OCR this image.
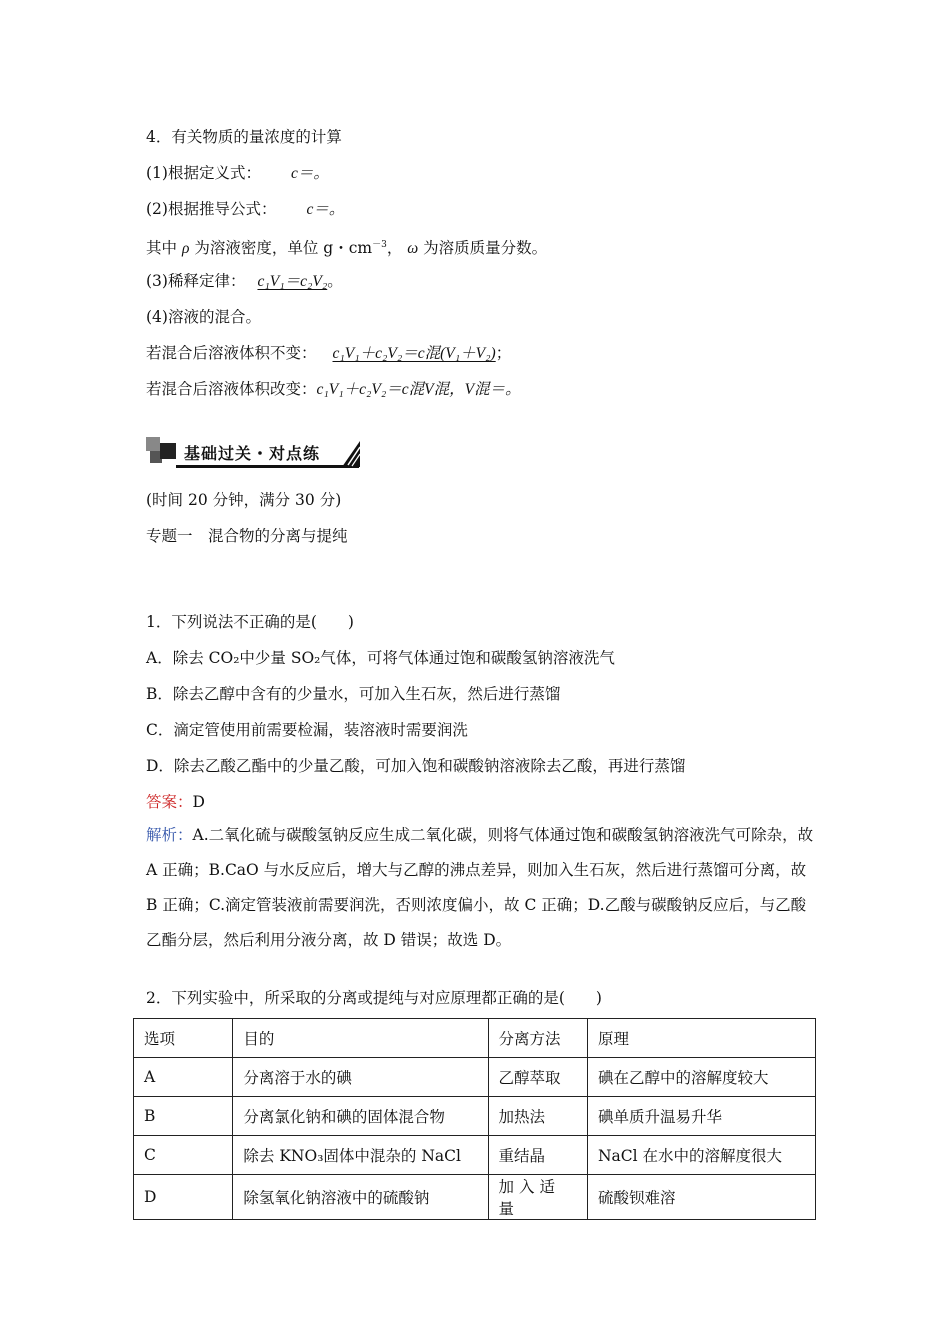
4．有关物质的量浓度的计算
(1)根据定义式： c＝。
(2)根据推导公式： c＝。
其中 ρ 为溶液密度，单位 g・$cm^{-3}$， ω 为溶质质量分数。
(3)稀释定律： c₁V₁＝c₂V₂。
(4)溶液的混合。
若混合后溶液体积不变： c₁V₁＋c₂V₂＝c混(V₁＋V₂)；
若混合后溶液体积改变：c₁V₁＋c₂V₂＝c混V混，V混＝。
基础过关・对点练
(时间 20 分钟，满分 30 分)
专题一　混合物的分离与提纯
1．下列说法不正确的是(　　)
A．除去 CO₂中少量 SO₂气体，可将气体通过饱和碳酸氢钠溶液洗气
B．除去乙醇中含有的少量水，可加入生石灰，然后进行蒸馏
C．滴定管使用前需要检漏，装溶液时需要润洗
D．除去乙酸乙酯中的少量乙酸，可加入饱和碳酸钠溶液除去乙酸，再进行蒸馏
答案：D
解析：A.二氧化硫与碳酸氢钠反应生成二氧化碳，则将气体通过饱和碳酸氢钠溶液洗气可除杂，故 A 正确；B.CaO 与水反应后，增大与乙醇的沸点差异，则加入生石灰，然后进行蒸馏可分离，故 B 正确；C.滴定管装液前需要润洗，否则浓度偏小，故 C 正确；D.乙酸与碳酸钠反应后，与乙酸乙酯分层，然后利用分液分离，故 D 错误；故选 D。
2．下列实验中，所采取的分离或提纯与对应原理都正确的是(　　)
选项	目的	分离方法	原理
A	分离溶于水的碘	乙醇萃取	碘在乙醇中的溶解度较大
B	分离氯化钠和碘的固体混合物	加热法	碘单质升温易升华
C	除去 KNO₃固体中混杂的 NaCl	重结晶	NaCl 在水中的溶解度很大
D	除氢氧化钠溶液中的硫酸钠	加入适量	硫酸钡难溶
